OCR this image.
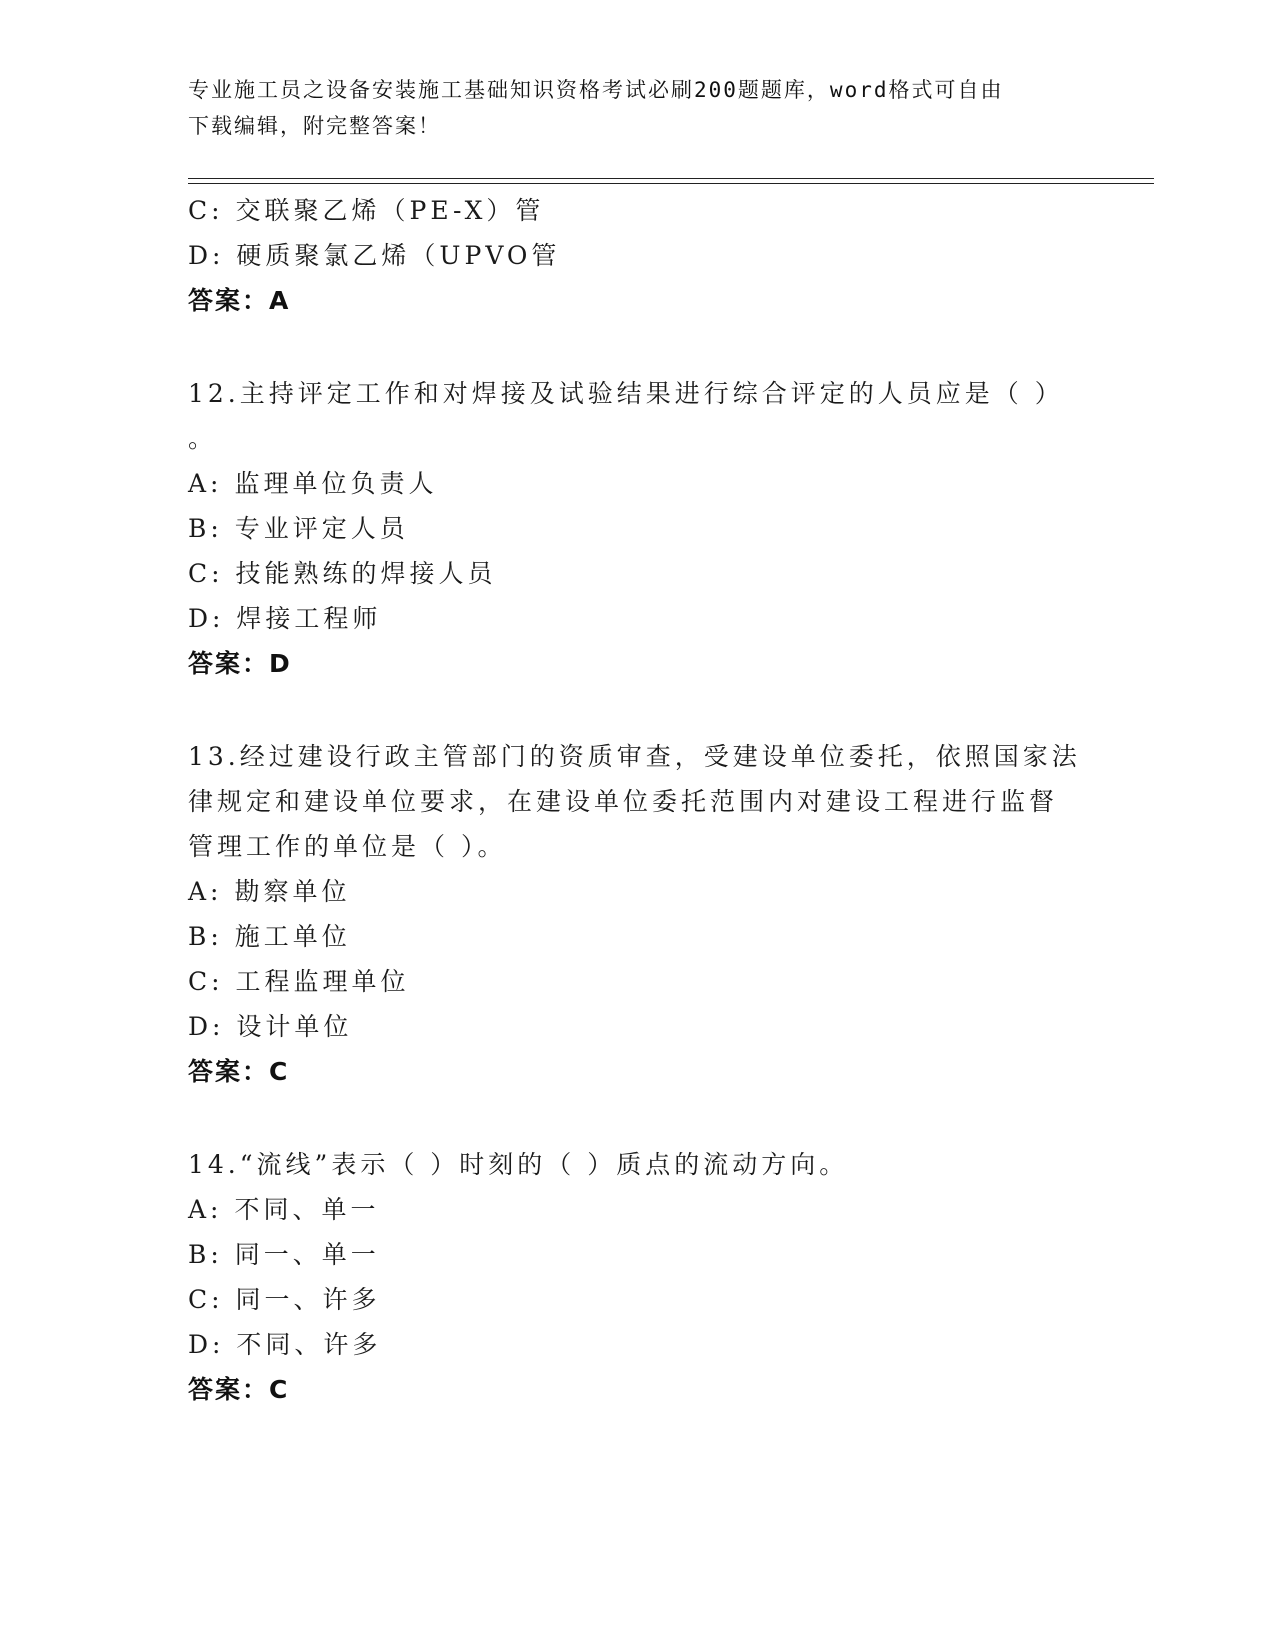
专业施工员之设备安装施工基础知识资格考试必刷200题题库，word格式可自由
下载编辑，附完整答案！
C: 交联聚乙烯（PE-X）管
D: 硬质聚氯乙烯（UPVO管
答案：A
12.主持评定工作和对焊接及试验结果进行综合评定的人员应是（ ）
。
A: 监理单位负责人
B: 专业评定人员
C: 技能熟练的焊接人员
D: 焊接工程师
答案：D
13.经过建设行政主管部门的资质审查，受建设单位委托，依照国家法
律规定和建设单位要求，在建设单位委托范围内对建设工程进行监督
管理工作的单位是（ ）。
A: 勘察单位
B: 施工单位
C: 工程监理单位
D: 设计单位
答案：C
14.“流线”表示（ ）时刻的（ ）质点的流动方向。
A: 不同、单一
B: 同一、单一
C: 同一、许多
D: 不同、许多
答案：C
